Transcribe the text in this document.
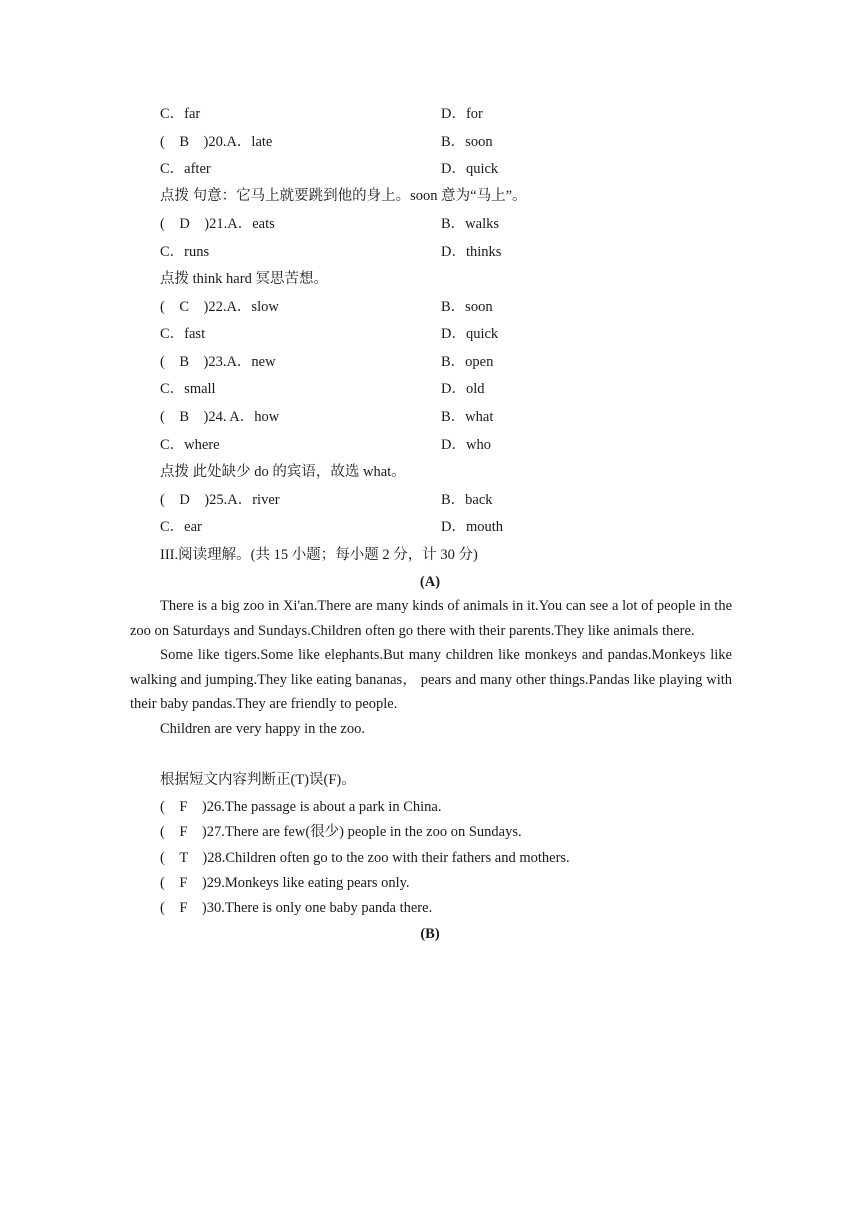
C．far	D．for
(　B　)20.A．late	B．soon
C．after	D．quick
点拨 句意：它马上就要跳到他的身上。soon 意为“马上”。
(　D　)21.A．eats	B．walks
C．runs	D．thinks
点拨 think hard 冥思苦想。
(　C　)22.A．slow	B．soon
C．fast	D．quick
(　B　)23.A．new	B．open
C．small	D．old
(　B　)24. A．how	B．what
C．where	D．who
点拨 此处缺少 do 的宾语，故选 what。
(　D　)25.A．river	B．back
C．ear	D．mouth
III.阅读理解。(共 15 小题；每小题 2 分，计 30 分)
(A)

There is a big zoo in Xi'an.There are many kinds of animals in it.You can see a lot of people in the zoo on Saturdays and Sundays.Children often go there with their parents.They like animals there.

Some like tigers.Some like elephants.But many children like monkeys and pandas.Monkeys like walking and jumping.They like eating bananas， pears and many other things.Pandas like playing with their baby pandas.They are friendly to people.

Children are very happy in the zoo.

根据短文内容判断正(T)误(F)。
(　F　)26.The passage is about a park in China.
(　F　)27.There are few(很少) people in the zoo on Sundays.
(　T　)28.Children often go to the zoo with their fathers and mothers.
(　F　)29.Monkeys like eating pears only.
(　F　)30.There is only one baby panda there.
(B)
